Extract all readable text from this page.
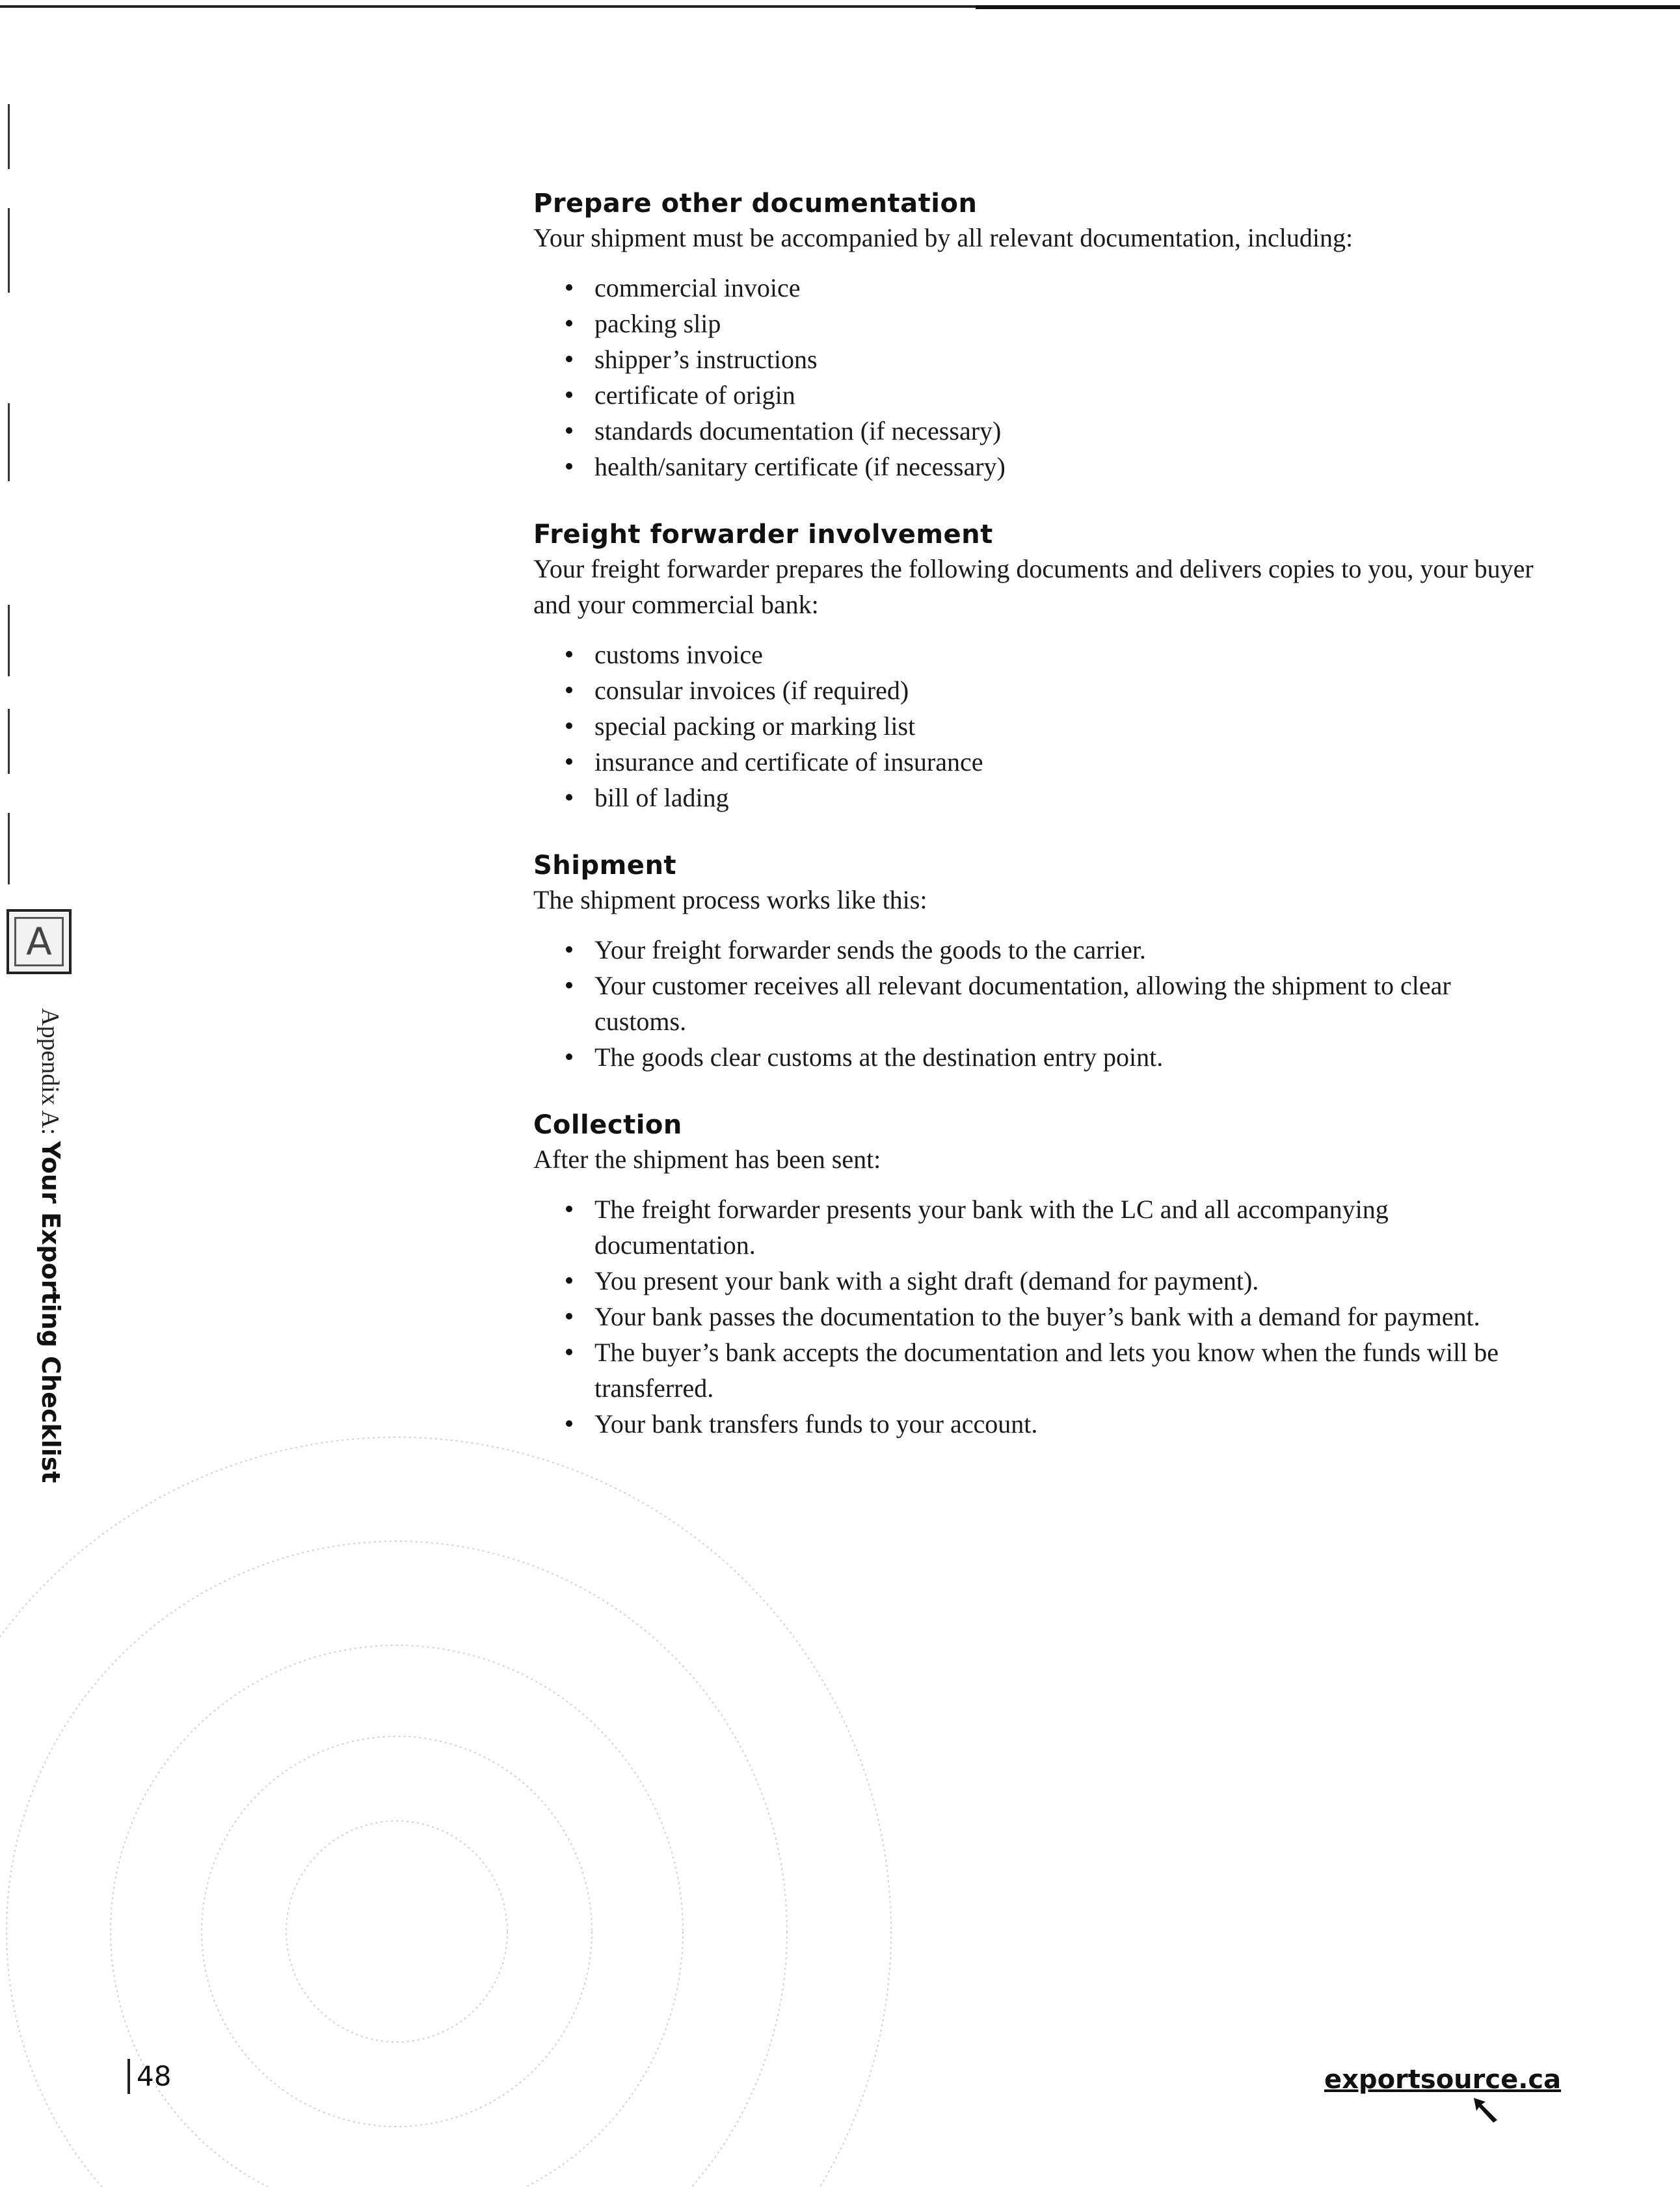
Prepare other documentation

Your shipment must be accompanied by all relevant documentation, including:

commercial invoice
packing slip
shipper’s instructions
certificate of origin
standards documentation (if necessary)
health/sanitary certificate (if necessary)
Freight forwarder involvement

Your freight forwarder prepares the following documents and delivers copies to you, your buyer and your commercial bank:

customs invoice
consular invoices (if required)
special packing or marking list
insurance and certificate of insurance
bill of lading
Shipment

The shipment process works like this:

Your freight forwarder sends the goods to the carrier.
Your customer receives all relevant documentation, allowing the shipment to clear customs.
The goods clear customs at the destination entry point.
Collection

After the shipment has been sent:

The freight forwarder presents your bank with the LC and all accompanying documentation.
You present your bank with a sight draft (demand for payment).
Your bank passes the documentation to the buyer’s bank with a demand for payment.
The buyer’s bank accepts the documentation and lets you know when the funds will be transferred.
Your bank transfers funds to your account.
A
Appendix A: Your Exporting Checklist
48	exportsource.ca
